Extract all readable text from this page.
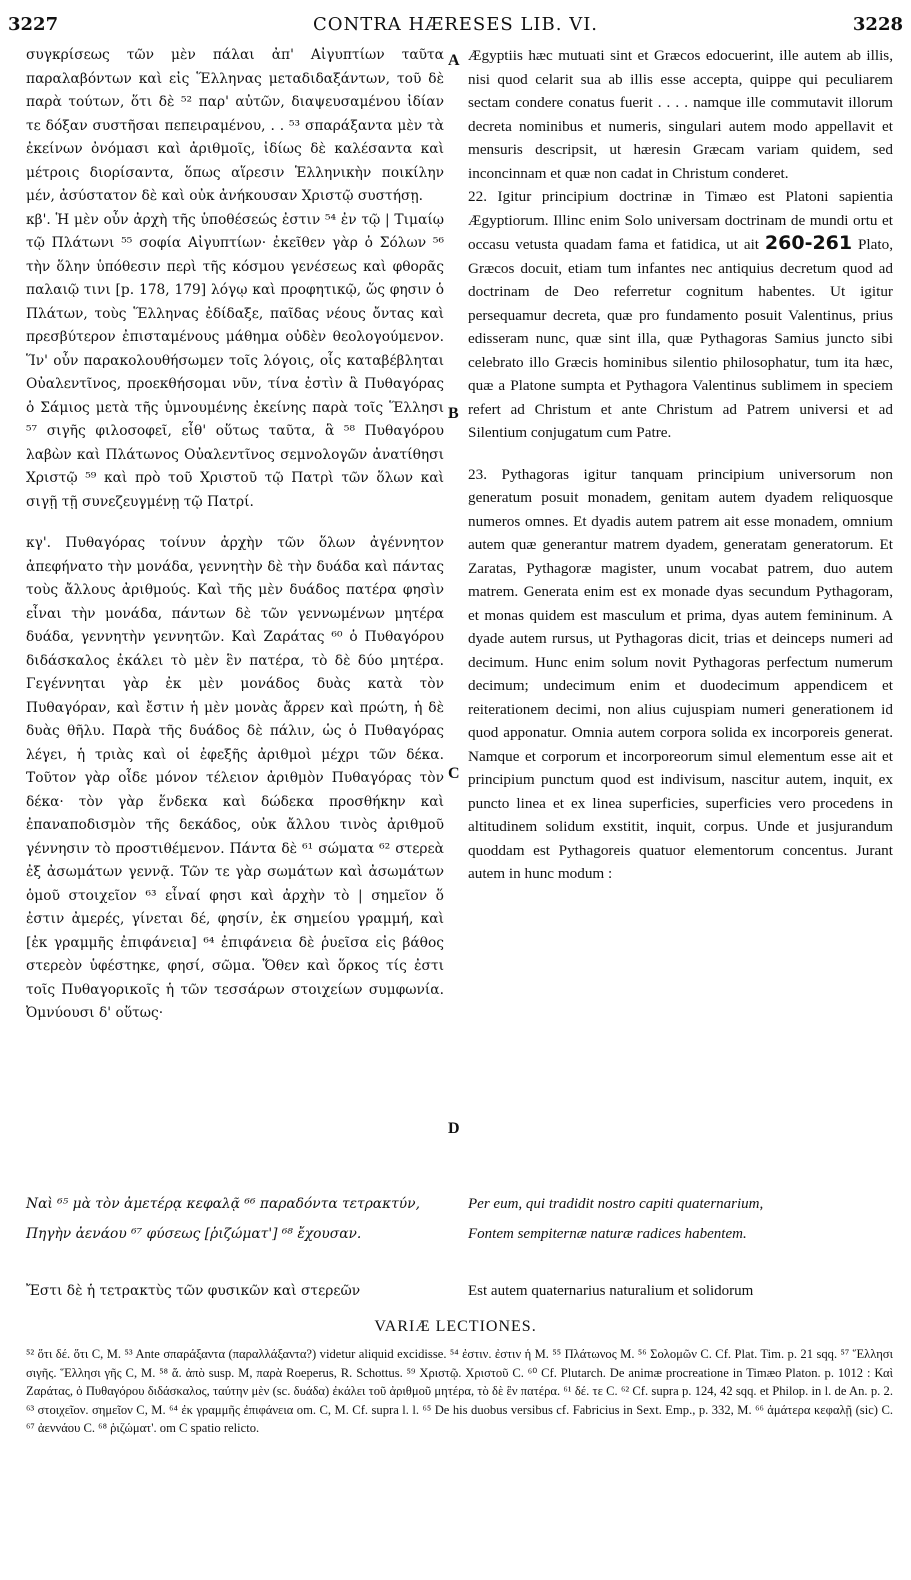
3227	CONTRA HÆRESES LIB. VI.	3228

συγκρίσεως τῶν μὲν πάλαι ἀπ' Αἰγυπτίων ταῦτα παραλαβόντων καὶ εἰς Ἕλληνας μεταδιδαξάντων, τοῦ δὲ παρὰ τούτων, ὅτι δὲ ⁵² παρ' αὐτῶν, διαψευσαμένου ἰδίαν τε δόξαν συστῆσαι πεπειραμένου, . . ⁵³ σπαράξαντα μὲν τὰ ἐκείνων ὀνόμασι καὶ ἀριθμοῖς, ἰδίως δὲ καλέσαντα καὶ μέτροις διορίσαντα, ὅπως αἵρεσιν Ἑλληνικὴν ποικίλην μέν, ἀσύστατον δὲ καὶ οὐκ ἀνήκουσαν Χριστῷ συστήσῃ.

κβ'. Ἡ μὲν οὖν ἀρχὴ τῆς ὑποθέσεώς ἐστιν ⁵⁴ ἐν τῷ | Τιμαίῳ τῷ Πλάτωνι ⁵⁵ σοφία Αἰγυπτίων· ἐκεῖθεν γὰρ ὁ Σόλων ⁵⁶ τὴν ὅλην ὑπόθεσιν περὶ τῆς κόσμου γενέσεως καὶ φθορᾶς παλαιῷ τινι [p. 178, 179] λόγῳ καὶ προφητικῷ, ὥς φησιν ὁ Πλάτων, τοὺς Ἕλληνας ἐδίδαξε, παῖδας νέους ὄντας καὶ πρεσβύτερον ἐπισταμένους μάθημα οὐδὲν θεολογούμενον. Ἵν' οὖν παρακολουθήσωμεν τοῖς λόγοις, οἷς καταβέβληται Οὐαλεντῖνος, προεκθήσομαι νῦν, τίνα ἐστὶν ἃ Πυθαγόρας ὁ Σάμιος μετὰ τῆς ὑμνουμένης ἐκείνης παρὰ τοῖς Ἕλλησι ⁵⁷ σιγῆς φιλοσοφεῖ, εἶθ' οὕτως ταῦτα, ἃ ⁵⁸ Πυθαγόρου λαβὼν καὶ Πλάτωνος Οὐαλεντῖνος σεμνολογῶν ἀνατίθησι Χριστῷ ⁵⁹ καὶ πρὸ τοῦ Χριστοῦ τῷ Πατρὶ τῶν ὅλων καὶ σιγῇ τῇ συνεζευγμένῃ τῷ Πατρί.

κγ'. Πυθαγόρας τοίνυν ἀρχὴν τῶν ὅλων ἀγέννητον ἀπεφήνατο τὴν μονάδα, γεννητὴν δὲ τὴν δυάδα καὶ πάντας τοὺς ἄλλους ἀριθμούς. Καὶ τῆς μὲν δυάδος πατέρα φησὶν εἶναι τὴν μονάδα, πάντων δὲ τῶν γεννωμένων μητέρα δυάδα, γεννητὴν γεννητῶν. Καὶ Ζαράτας ⁶⁰ ὁ Πυθαγόρου διδάσκαλος ἐκάλει τὸ μὲν ἓν πατέρα, τὸ δὲ δύο μητέρα. Γεγέννηται γὰρ ἐκ μὲν μονάδος δυὰς κατὰ τὸν Πυθαγόραν, καὶ ἔστιν ἡ μὲν μονὰς ἄρρεν καὶ πρώτη, ἡ δὲ δυὰς θῆλυ. Παρὰ τῆς δυάδος δὲ πάλιν, ὡς ὁ Πυθαγόρας λέγει, ἡ τριὰς καὶ οἱ ἐφεξῆς ἀριθμοὶ μέχρι τῶν δέκα. Τοῦτον γὰρ οἶδε μόνον τέλειον ἀριθμὸν Πυθαγόρας τὸν δέκα· τὸν γὰρ ἕνδεκα καὶ δώδεκα προσθήκην καὶ ἐπαναποδισμὸν τῆς δεκάδος, οὐκ ἄλλου τινὸς ἀριθμοῦ γέννησιν τὸ προστιθέμενον. Πάντα δὲ ⁶¹ σώματα ⁶² στερεὰ ἐξ ἀσωμάτων γεννᾷ. Τῶν τε γὰρ σωμάτων καὶ ἀσωμάτων ὁμοῦ στοιχεῖον ⁶³ εἶναί φησι καὶ ἀρχὴν τὸ | σημεῖον ὅ ἐστιν ἀμερές, γίνεται δέ, φησίν, ἐκ σημείου γραμμή, καὶ [ἐκ γραμμῆς ἐπιφάνεια] ⁶⁴ ἐπιφάνεια δὲ ῥυεῖσα εἰς βάθος στερεὸν ὑφέστηκε, φησί, σῶμα. Ὅθεν καὶ ὅρκος τίς ἐστι τοῖς Πυθαγορικοῖς ἡ τῶν τεσσάρων στοιχείων συμφωνία. Ὀμνύουσι δ' οὕτως·

A
B
C
D

Ægyptiis hæc mutuati sint et Græcos edocuerint, ille autem ab illis, nisi quod celarit sua ab illis esse accepta, quippe qui peculiarem sectam condere conatus fuerit . . . . namque ille commutavit illorum decreta nominibus et numeris, singulari autem modo appellavit et mensuris descripsit, ut hæresin Græcam variam quidem, sed inconcinnam et quæ non cadat in Christum conderet.

22. Igitur principium doctrinæ in Timæo est Platoni sapientia Ægyptiorum. Illinc enim Solo universam doctrinam de mundi ortu et occasu vetusta quadam fama et fatidica, ut ait 260-261 Plato, Græcos docuit, etiam tum infantes nec antiquius decretum quod ad doctrinam de Deo referretur cognitum habentes. Ut igitur persequamur decreta, quæ pro fundamento posuit Valentinus, prius edisseram nunc, quæ sint illa, quæ Pythagoras Samius juncto sibi celebrato illo Græcis hominibus silentio philosophatur, tum ita hæc, quæ a Platone sumpta et Pythagora Valentinus sublimem in speciem refert ad Christum et ante Christum ad Patrem universi et ad Silentium conjugatum cum Patre.

23. Pythagoras igitur tanquam principium universorum non generatum posuit monadem, genitam autem dyadem reliquosque numeros omnes. Et dyadis autem patrem ait esse monadem, omnium autem quæ generantur matrem dyadem, generatam generatorum. Et Zaratas, Pythagoræ magister, unum vocabat patrem, duo autem matrem. Generata enim est ex monade dyas secundum Pythagoram, et monas quidem est masculum et prima, dyas autem femininum. A dyade autem rursus, ut Pythagoras dicit, trias et deinceps numeri ad decimum. Hunc enim solum novit Pythagoras perfectum numerum decimum; undecimum enim et duodecimum appendicem et reiterationem decimi, non alius cujuspiam numeri generationem id quod apponatur. Omnia autem corpora solida ex incorporeis generat. Namque et corporum et incorporeorum simul elementum esse ait et principium punctum quod est indivisum, nascitur autem, inquit, ex puncto linea et ex linea superficies, superficies vero procedens in altitudinem solidum exstitit, inquit, corpus. Unde et jusjurandum quoddam est Pythagoreis quatuor elementorum concentus. Jurant autem in hunc modum :

Ναὶ ⁶⁵ μὰ τὸν ἀμετέρᾳ κεφαλᾷ ⁶⁶ παραδόντα τετρακτύν,	Per eum, qui tradidit nostro capiti quaternarium,
Πηγὴν ἀενάου ⁶⁷ φύσεως [ῥιζώματ'] ⁶⁸ ἔχουσαν.	Fontem sempiternæ naturæ radices habentem.
Ἔστι δὲ ἡ τετρακτὺς τῶν φυσικῶν καὶ στερεῶν	Est autem quaternarius naturalium et solidorum
VARIÆ LECTIONES.
⁵² ὅτι δέ. ὅτι C, M. ⁵³ Ante σπαράξαντα (παραλλάξαντα?) videtur aliquid excidisse. ⁵⁴ ἐστιν. ἐστιν ἡ M. ⁵⁵ Πλάτωνος M. ⁵⁶ Σολομῶν C. Cf. Plat. Tim. p. 21 sqq. ⁵⁷ Ἕλλησι σιγῆς. Ἕλλησι γῆς C, M. ⁵⁸ ἅ. ἀπὸ susp. M, παρὰ Roeperus, R. Schottus. ⁵⁹ Χριστῷ. Χριστοῦ C. ⁶⁰ Cf. Plutarch. De animæ procreatione in Timæo Platon. p. 1012 : Καὶ Ζαράτας, ὁ Πυθαγόρου διδάσκαλος, ταύτην μὲν (sc. δυάδα) ἐκάλει τοῦ ἀριθμοῦ μητέρα, τὸ δὲ ἓν πατέρα. ⁶¹ δέ. τε C. ⁶² Cf. supra p. 124, 42 sqq. et Philop. in l. de An. p. 2. ⁶³ στοιχεῖον. σημεῖον C, M. ⁶⁴ ἐκ γραμμῆς ἐπιφάνεια om. C, M. Cf. supra l. l. ⁶⁵ De his duobus versibus cf. Fabricius in Sext. Emp., p. 332, M. ⁶⁶ ἀμάτερα κεφαλῇ (sic) C. ⁶⁷ ἀεννάου C. ⁶⁸ ῥιζώματ'. om C spatio relicto.
